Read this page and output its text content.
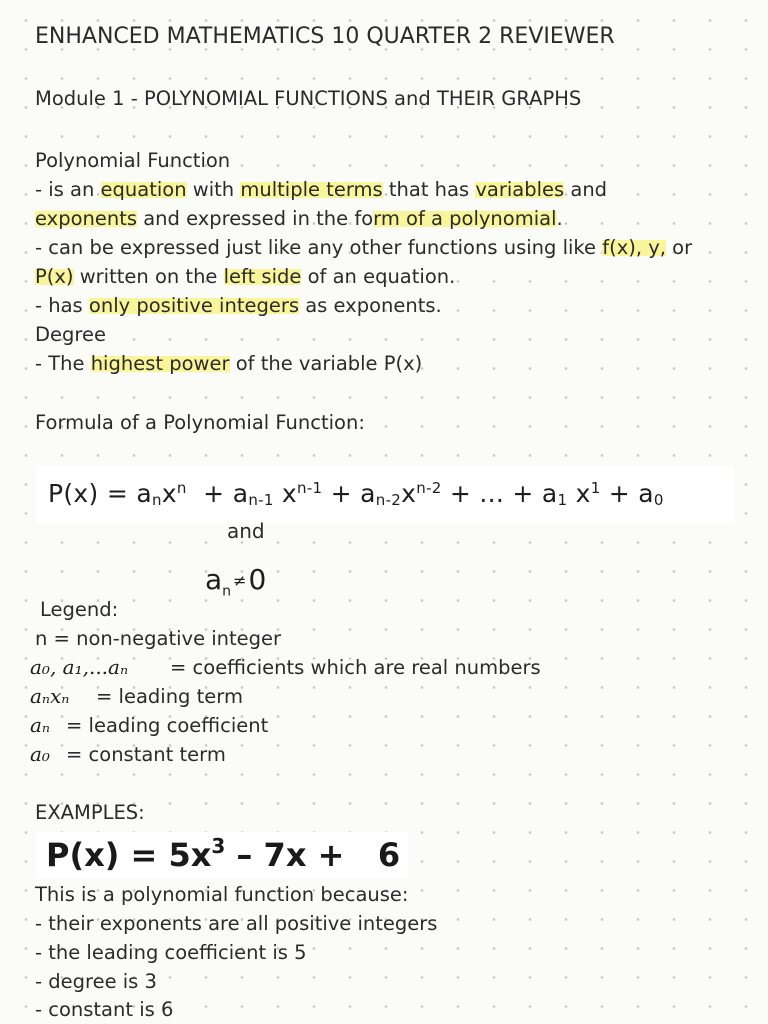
ENHANCED MATHEMATICS 10 QUARTER 2 REVIEWER
Module 1 - POLYNOMIAL FUNCTIONS and THEIR GRAPHS
Polynomial Function
- is an equation with multiple terms that has variables and
exponents and expressed in the form of a polynomial.
- can be expressed just like any other functions using like f(x), y, or
P(x) written on the left side of an equation.
- has only positive integers as exponents.
Degree
- The highest power of the variable P(x)
Formula of a Polynomial Function:
$P(x) = a_nx^n + a_{n-1}$ $x^{n-1} + a_{n-2}x^{n-2}$ + ... + $a_1$ $x^1 + a_0$
and
$a_n\ne 0$
Legend:
n = non-negative integer
a₀, a₁,...aₙ = coefficients which are real numbers
aₙxₙ = leading term
aₙ = leading coefficient
a₀ = constant term
EXAMPLES:
$P(x) = 5x^3 - 7x + 6$
This is a polynomial function because:
- their exponents are all positive integers
- the leading coefficient is 5
- degree is 3
- constant is 6
